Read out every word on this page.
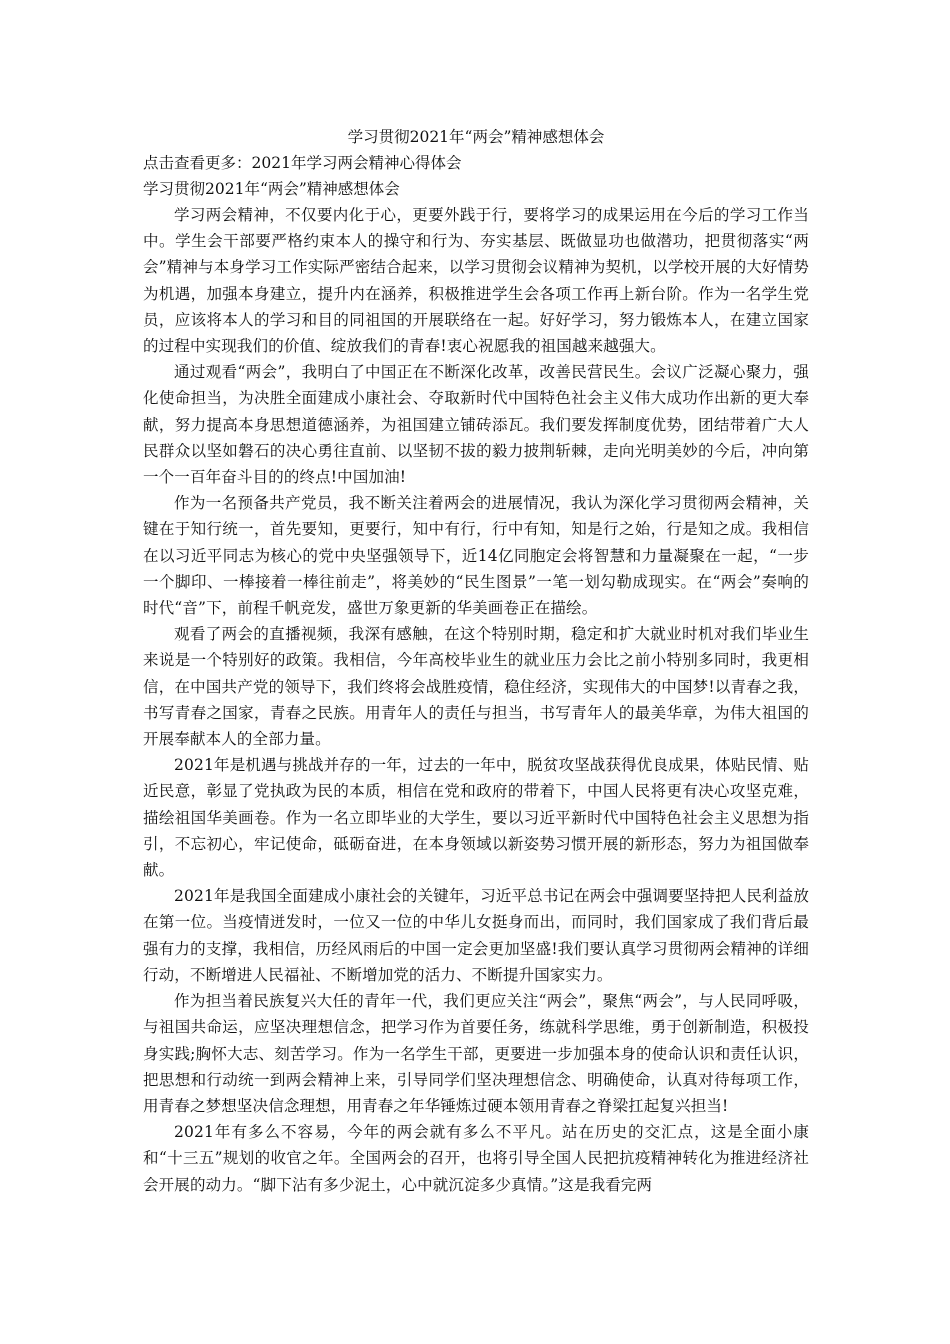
学习贯彻2021年“两会”精神感想体会

点击查看更多：2021年学习两会精神心得体会

学习贯彻2021年“两会”精神感想体会

学习两会精神，不仅要内化于心，更要外践于行，要将学习的成果运用在今后的学习工作当中。学生会干部要严格约束本人的操守和行为、夯实基层、既做显功也做潜功，把贯彻落实“两会”精神与本身学习工作实际严密结合起来，以学习贯彻会议精神为契机，以学校开展的大好情势为机遇，加强本身建立，提升内在涵养，积极推进学生会各项工作再上新台阶。作为一名学生党员，应该将本人的学习和目的同祖国的开展联络在一起。好好学习，努力锻炼本人，在建立国家的过程中实现我们的价值、绽放我们的青春!衷心祝愿我的祖国越来越强大。

通过观看“两会”，我明白了中国正在不断深化改革，改善民营民生。会议广泛凝心聚力，强化使命担当，为决胜全面建成小康社会、夺取新时代中国特色社会主义伟大成功作出新的更大奉献，努力提高本身思想道德涵养，为祖国建立铺砖添瓦。我们要发挥制度优势，团结带着广大人民群众以坚如磐石的决心勇往直前、以坚韧不拔的毅力披荆斩棘，走向光明美妙的今后，冲向第一个一百年奋斗目的的终点!中国加油!

作为一名预备共产党员，我不断关注着两会的进展情况，我认为深化学习贯彻两会精神，关键在于知行统一，首先要知，更要行，知中有行，行中有知，知是行之始，行是知之成。我相信在以习近平同志为核心的党中央坚强领导下，近14亿同胞定会将智慧和力量凝聚在一起，“一步一个脚印、一棒接着一棒往前走”，将美妙的“民生图景”一笔一划勾勒成现实。在“两会”奏响的时代“音”下，前程千帆竞发，盛世万象更新的华美画卷正在描绘。

观看了两会的直播视频，我深有感触，在这个特别时期，稳定和扩大就业时机对我们毕业生来说是一个特别好的政策。我相信，今年高校毕业生的就业压力会比之前小特别多同时，我更相信，在中国共产党的领导下，我们终将会战胜疫情，稳住经济，实现伟大的中国梦!以青春之我，书写青春之国家，青春之民族。用青年人的责任与担当，书写青年人的最美华章，为伟大祖国的开展奉献本人的全部力量。

2021年是机遇与挑战并存的一年，过去的一年中，脱贫攻坚战获得优良成果，体贴民情、贴近民意，彰显了党执政为民的本质，相信在党和政府的带着下，中国人民将更有决心攻坚克难，描绘祖国华美画卷。作为一名立即毕业的大学生，要以习近平新时代中国特色社会主义思想为指引，不忘初心，牢记使命，砥砺奋进，在本身领域以新姿势习惯开展的新形态，努力为祖国做奉献。

2021年是我国全面建成小康社会的关键年，习近平总书记在两会中强调要坚持把人民利益放在第一位。当疫情迸发时，一位又一位的中华儿女挺身而出，而同时，我们国家成了我们背后最强有力的支撑，我相信，历经风雨后的中国一定会更加坚盛!我们要认真学习贯彻两会精神的详细行动，不断增进人民福祉、不断增加党的活力、不断提升国家实力。

作为担当着民族复兴大任的青年一代，我们更应关注“两会”，聚焦“两会”，与人民同呼吸，与祖国共命运，应坚决理想信念，把学习作为首要任务，练就科学思维，勇于创新制造，积极投身实践;胸怀大志、刻苦学习。作为一名学生干部，更要进一步加强本身的使命认识和责任认识，把思想和行动统一到两会精神上来，引导同学们坚决理想信念、明确使命，认真对待每项工作，用青春之梦想坚决信念理想，用青春之年华锤炼过硬本领用青春之脊梁扛起复兴担当!

2021年有多么不容易，今年的两会就有多么不平凡。站在历史的交汇点，这是全面小康和“十三五”规划的收官之年。全国两会的召开，也将引导全国人民把抗疫精神转化为推进经济社会开展的动力。“脚下沾有多少泥土，心中就沉淀多少真情。”这是我看完两
